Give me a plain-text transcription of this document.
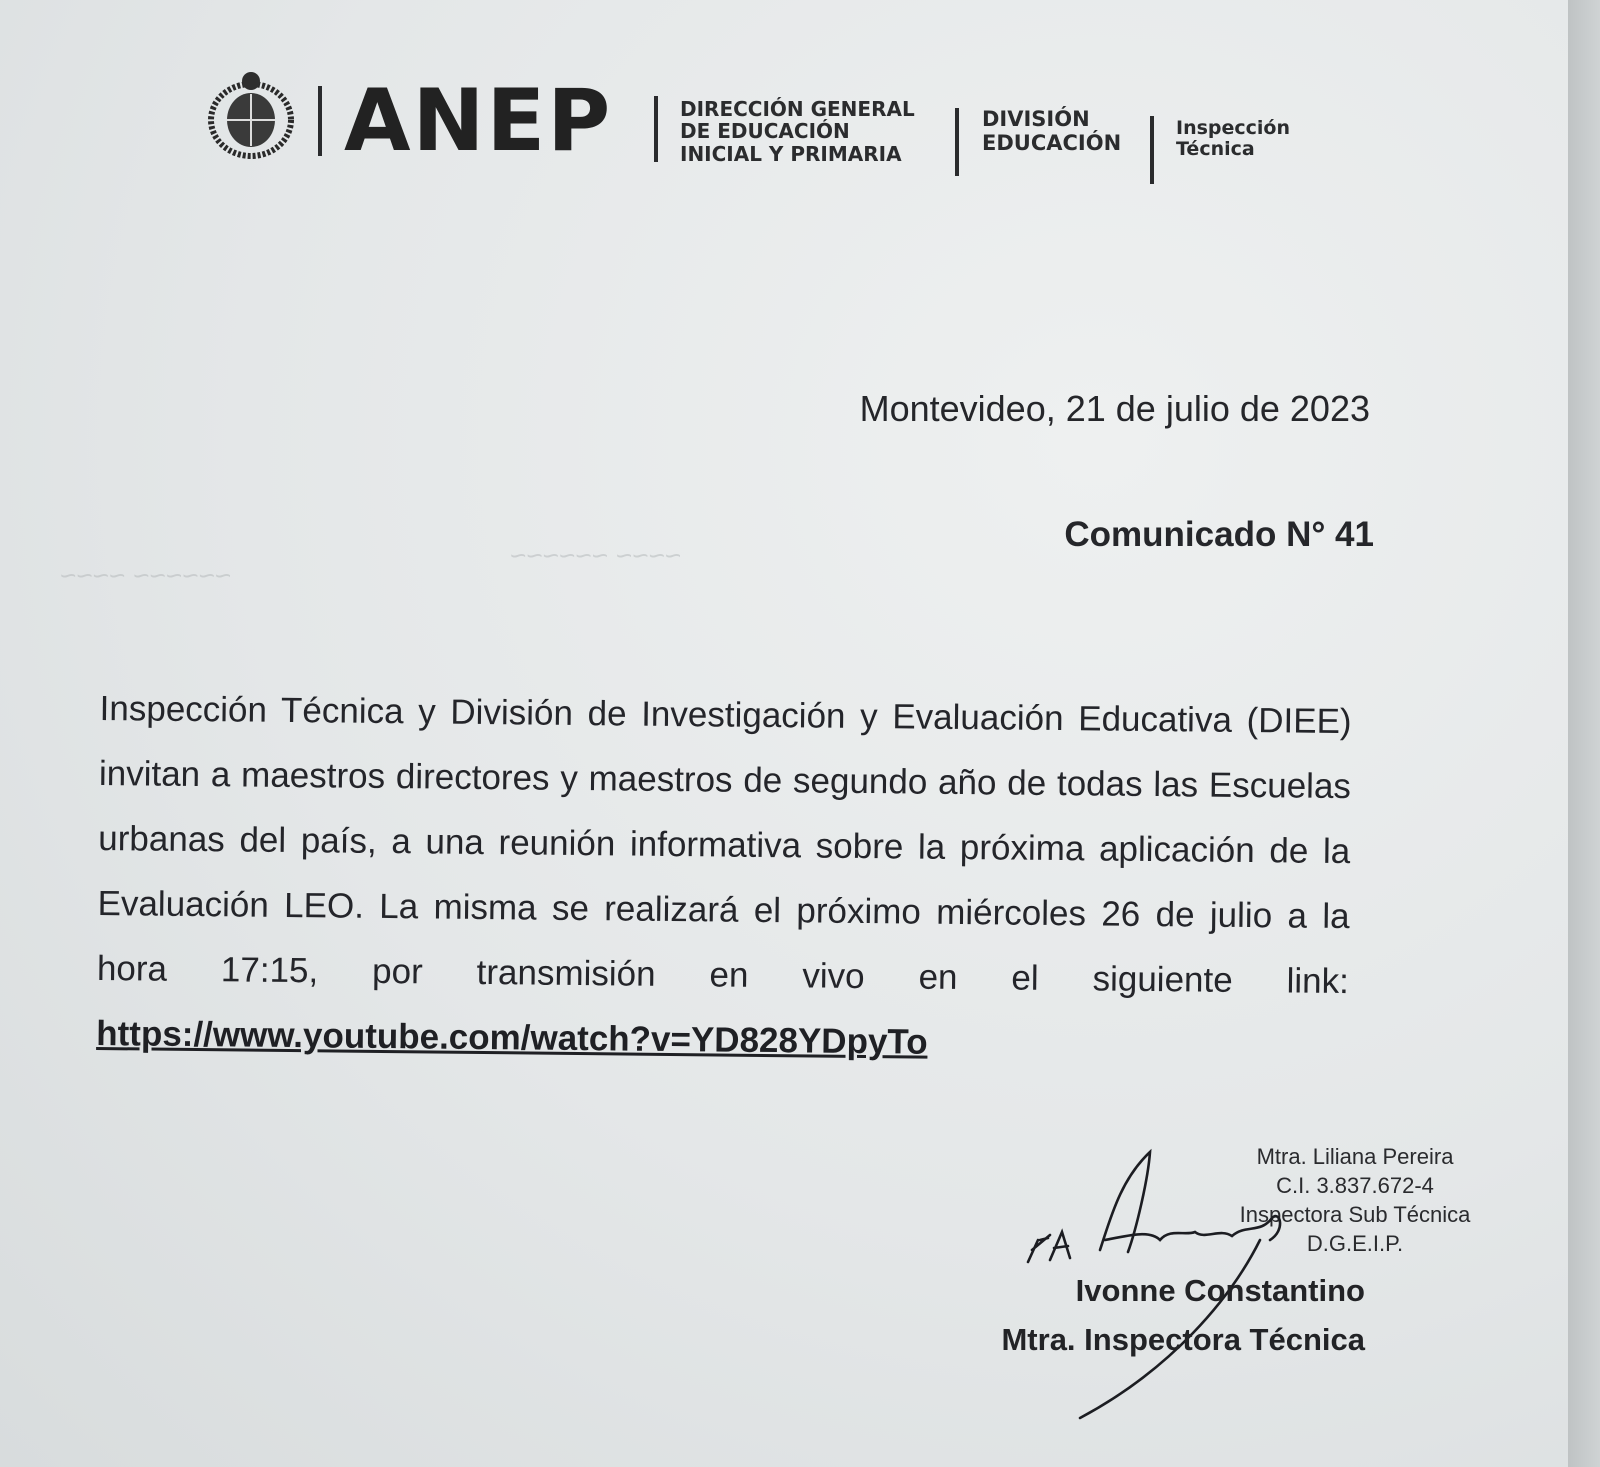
~~~~ ~~~~~~
~~~~~~ ~~~~
ANEP	DIRECCIÓN GENERAL
DE EDUCACIÓN
INICIAL Y PRIMARIA
DIVISIÓN
EDUCACIÓN
Inspección
Técnica
Montevideo, 21 de julio de 2023
Comunicado N° 41
Inspección Técnica y División de Investigación y Evaluación Educativa (DIEE) invitan a maestros directores y maestros de segundo año de todas las Escuelas urbanas del país, a una reunión informativa sobre la próxima aplicación de la Evaluación LEO. La misma se realizará el próximo miércoles 26 de julio a la hora 17:15, por transmisión en vivo en el siguiente link: https://www.youtube.com/watch?v=YD828YDpyTo
Mtra. Liliana Pereira
C.I. 3.837.672-4
Inspectora Sub Técnica
D.G.E.I.P.
Ivonne Constantino
Mtra. Inspectora Técnica
